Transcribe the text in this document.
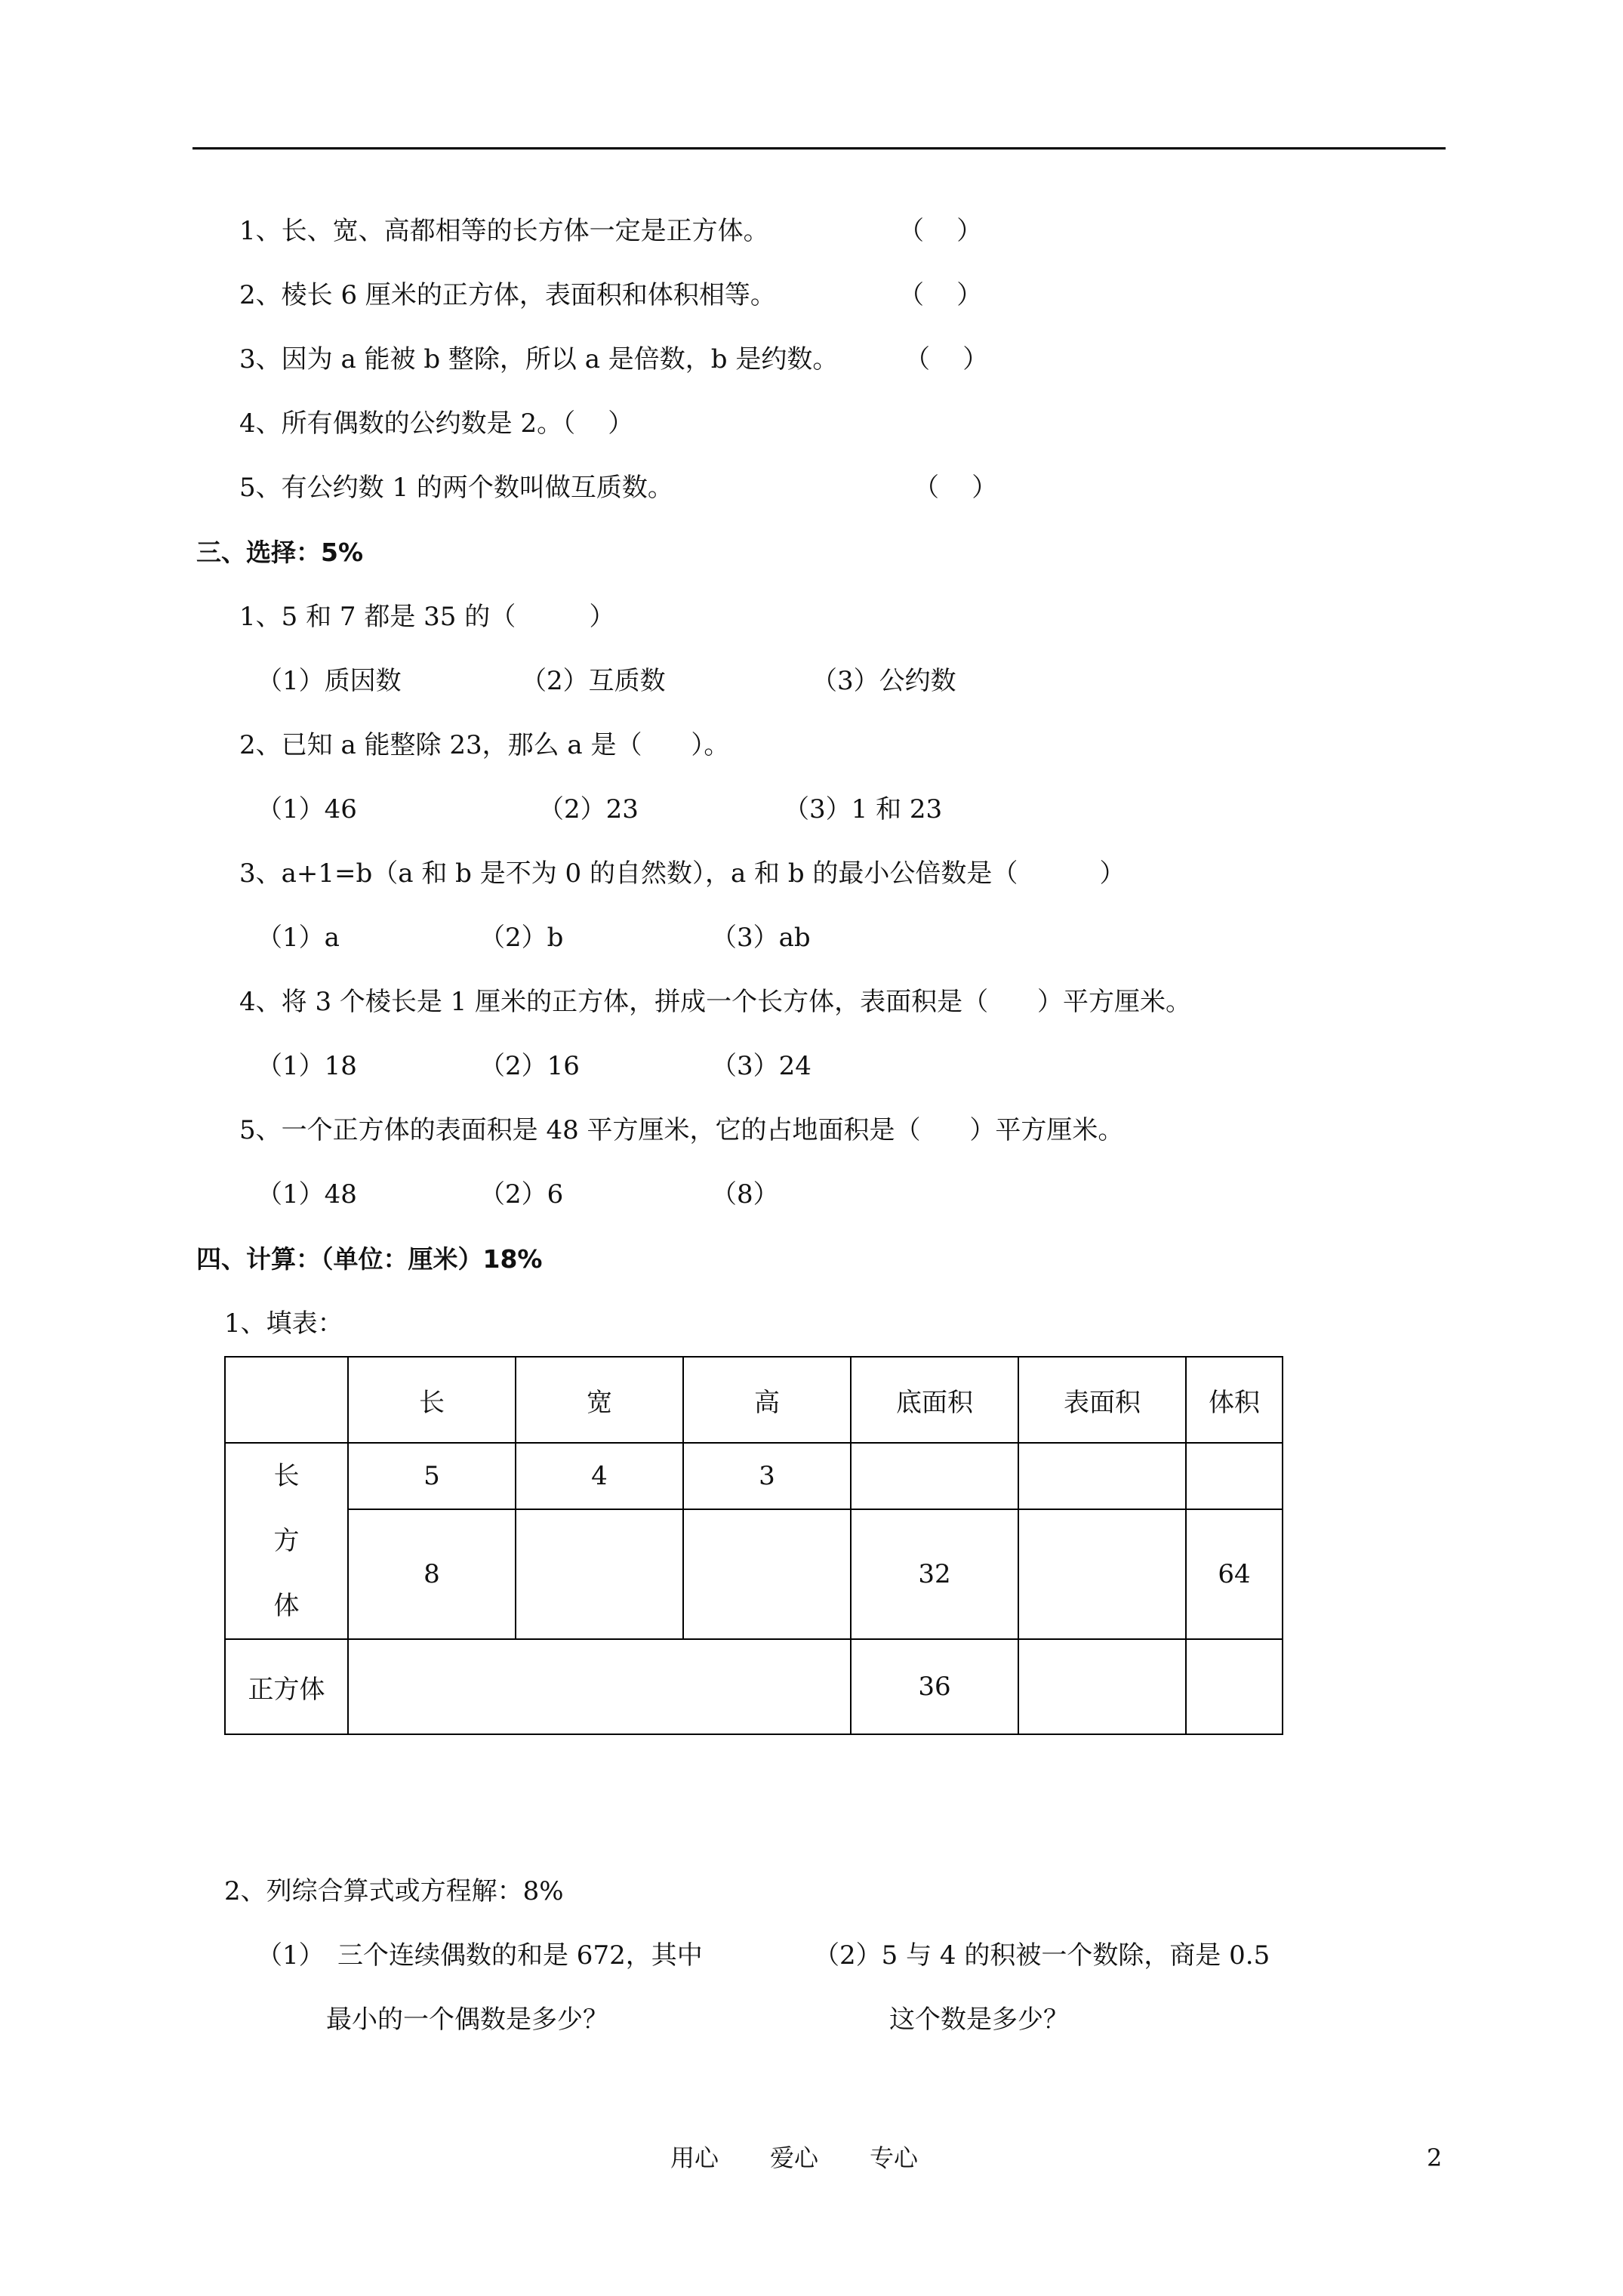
1、长、宽、高都相等的长方体一定是正方体。	（    ）
2、棱长 6 厘米的正方体，表面积和体积相等。	（    ）
3、因为 a 能被 b 整除，所以 a 是倍数，b 是约数。	（    ）
4、所有偶数的公约数是 2。（    ）
5、有公约数 1 的两个数叫做互质数。	（    ）
三、选择：5%
1、5 和 7 都是 35 的（         ）
（1）质因数	（2）互质数	（3）公约数
2、已知 a 能整除 23，那么 a 是（      ）。
（1）46	（2）23	（3）1 和 23
3、a+1=b（a 和 b 是不为 0 的自然数），a 和 b 的最小公倍数是（          ）
（1）a	（2）b	（3）ab
4、将 3 个棱长是 1 厘米的正方体，拼成一个长方体，表面积是（      ）平方厘米。
（1）18	（2）16	（3）24
5、一个正方体的表面积是 48 平方厘米，它的占地面积是（      ）平方厘米。
（1）48	（2）6	（8）
四、计算：（单位：厘米）18%
1、填表：
	长	宽	高	底面积	表面积	体积

长
方
体	5	4	3			
	8			32		64
正方体				36		
2、列综合算式或方程解：8%
（1） 三个连续偶数的和是 672，其中
最小的一个偶数是多少？
（2）5 与 4 的积被一个数除，商是 0.5
这个数是多少？
用心 爱心 专心	2
